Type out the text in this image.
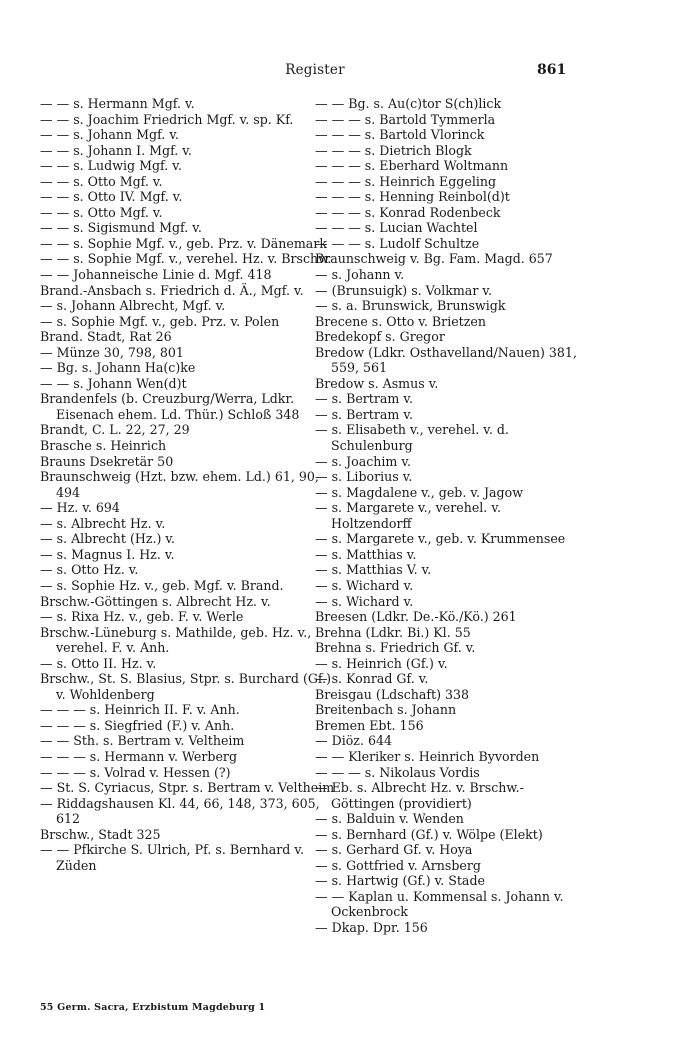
Register	861
— — s. Hermann Mgf. v.
— — s. Joachim Friedrich Mgf. v. sp. Kf.
— — s. Johann Mgf. v.
— — s. Johann I. Mgf. v.
— — s. Ludwig Mgf. v.
— — s. Otto Mgf. v.
— — s. Otto IV. Mgf. v.
— — s. Otto Mgf. v.
— — s. Sigismund Mgf. v.
— — s. Sophie Mgf. v., geb. Prz. v. Dänemark
— — s. Sophie Mgf. v., verehel. Hz. v. Brschw.
— — Johanneische Linie d. Mgf. 418
Brand.-Ansbach s. Friedrich d. Ä., Mgf. v.
— s. Johann Albrecht, Mgf. v.
— s. Sophie Mgf. v., geb. Prz. v. Polen
Brand. Stadt, Rat 26
— Münze 30, 798, 801
— Bg. s. Johann Ha(c)ke
— — s. Johann Wen(d)t
Brandenfels (b. Creuzburg/Werra, Ldkr. Eisenach ehem. Ld. Thür.) Schloß 348
Brandt, C. L. 22, 27, 29
Brasche s. Heinrich
Brauns Dsekretär 50
Braunschweig (Hzt. bzw. ehem. Ld.) 61, 90, 494
— Hz. v. 694
— s. Albrecht Hz. v.
— s. Albrecht (Hz.) v.
— s. Magnus I. Hz. v.
— s. Otto Hz. v.
— s. Sophie Hz. v., geb. Mgf. v. Brand.
Brschw.-Göttingen s. Albrecht Hz. v.
— s. Rixa Hz. v., geb. F. v. Werle
Brschw.-Lüneburg s. Mathilde, geb. Hz. v., verehel. F. v. Anh.
— s. Otto II. Hz. v.
Brschw., St. S. Blasius, Stpr. s. Burchard (Gf.) v. Wohldenberg
— — — s. Heinrich II. F. v. Anh.
— — — s. Siegfried (F.) v. Anh.
— — Sth. s. Bertram v. Veltheim
— — — s. Hermann v. Werberg
— — — s. Volrad v. Hessen (?)
— St. S. Cyriacus, Stpr. s. Bertram v. Veltheim
— Riddagshausen Kl. 44, 66, 148, 373, 605, 612
Brschw., Stadt 325
— — Pfkirche S. Ulrich, Pf. s. Bernhard v. Züden
— — Bg. s. Au(c)tor S(ch)lick
— — — s. Bartold Tymmerla
— — — s. Bartold Vlorinck
— — — s. Dietrich Blogk
— — — s. Eberhard Woltmann
— — — s. Heinrich Eggeling
— — — s. Henning Reinbol(d)t
— — — s. Konrad Rodenbeck
— — — s. Lucian Wachtel
— — — s. Ludolf Schultze
Braunschweig v. Bg. Fam. Magd. 657
— s. Johann v.
— (Brunsuigk) s. Volkmar v.
— s. a. Brunswick, Brunswigk
Brecene s. Otto v. Brietzen
Bredekopf s. Gregor
Bredow (Ldkr. Osthavelland/Nauen) 381, 559, 561
Bredow s. Asmus v.
— s. Bertram v.
— s. Bertram v.
— s. Elisabeth v., verehel. v. d. Schulenburg
— s. Joachim v.
— s. Liborius v.
— s. Magdalene v., geb. v. Jagow
— s. Margarete v., verehel. v. Holtzendorff
— s. Margarete v., geb. v. Krummensee
— s. Matthias v.
— s. Matthias V. v.
— s. Wichard v.
— s. Wichard v.
Breesen (Ldkr. De.-Kö./Kö.) 261
Brehna (Ldkr. Bi.) Kl. 55
Brehna s. Friedrich Gf. v.
— s. Heinrich (Gf.) v.
— s. Konrad Gf. v.
Breisgau (Ldschaft) 338
Breitenbach s. Johann
Bremen Ebt. 156
— Diöz. 644
— — Kleriker s. Heinrich Byvorden
— — — s. Nikolaus Vordis
— Eb. s. Albrecht Hz. v. Brschw.-Göttingen (providiert)
— s. Balduin v. Wenden
— s. Bernhard (Gf.) v. Wölpe (Elekt)
— s. Gerhard Gf. v. Hoya
— s. Gottfried v. Arnsberg
— s. Hartwig (Gf.) v. Stade
— — Kaplan u. Kommensal s. Johann v. Ockenbrock
— Dkap. Dpr. 156
55 Germ. Sacra, Erzbistum Magdeburg 1
